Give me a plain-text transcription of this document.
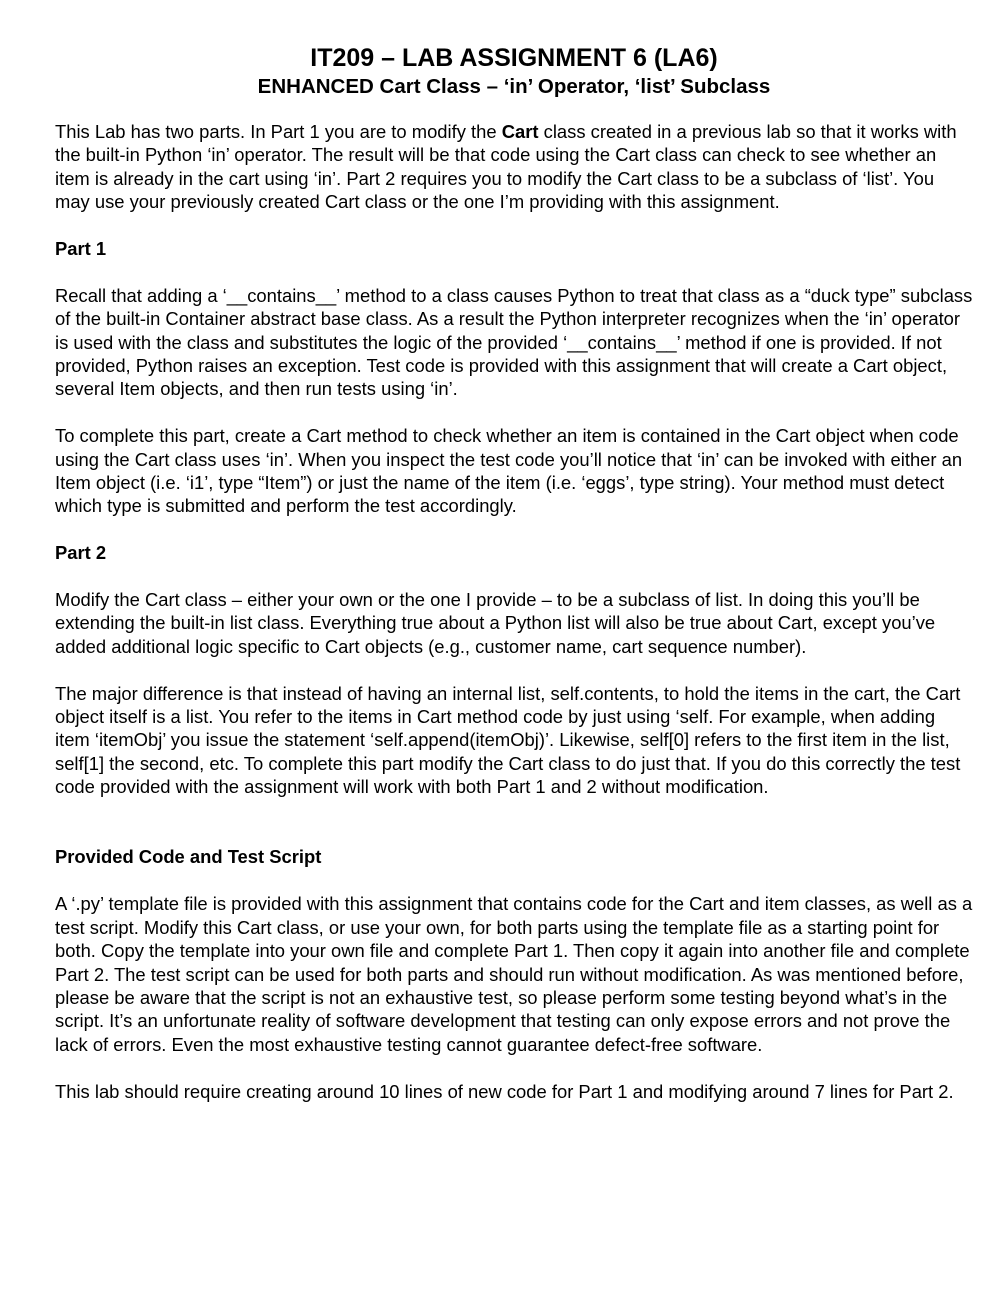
IT209 – LAB ASSIGNMENT 6 (LA6)
ENHANCED Cart Class – ‘in’ Operator, ‘list’ Subclass

This Lab has two parts. In Part 1 you are to modify the Cart class created in a previous lab so that it works with the built-in Python ‘in’ operator. The result will be that code using the Cart class can check to see whether an item is already in the cart using ‘in’. Part 2 requires you to modify the Cart class to be a subclass of ‘list’. You may use your previously created Cart class or the one I’m providing with this assignment.

Part 1

Recall that adding a ‘__contains__’ method to a class causes Python to treat that class as a “duck type” subclass of the built-in Container abstract base class. As a result the Python interpreter recognizes when the ‘in’ operator is used with the class and substitutes the logic of the provided ‘__contains__’ method if one is provided. If not provided, Python raises an exception. Test code is provided with this assignment that will create a Cart object, several Item objects, and then run tests using ‘in’.

To complete this part, create a Cart method to check whether an item is contained in the Cart object when code using the Cart class uses ‘in’. When you inspect the test code you’ll notice that ‘in’ can be invoked with either an Item object (i.e. ‘i1’, type “Item”) or just the name of the item (i.e. ‘eggs’, type string). Your method must detect which type is submitted and perform the test accordingly.

Part 2

Modify the Cart class – either your own or the one I provide – to be a subclass of list. In doing this you’ll be extending the built-in list class. Everything true about a Python list will also be true about Cart, except you’ve added additional logic specific to Cart objects (e.g., customer name, cart sequence number).

The major difference is that instead of having an internal list, self.contents, to hold the items in the cart, the Cart object itself is a list. You refer to the items in Cart method code by just using ‘self. For example, when adding item ‘itemObj’ you issue the statement ‘self.append(itemObj)’. Likewise, self[0] refers to the first item in the list, self[1] the second, etc. To complete this part modify the Cart class to do just that. If you do this correctly the test code provided with the assignment will work with both Part 1 and 2 without modification.

Provided Code and Test Script

A ‘.py’ template file is provided with this assignment that contains code for the Cart and item classes, as well as a test script. Modify this Cart class, or use your own, for both parts using the template file as a starting point for both. Copy the template into your own file and complete Part 1. Then copy it again into another file and complete Part 2. The test script can be used for both parts and should run without modification. As was mentioned before, please be aware that the script is not an exhaustive test, so please perform some testing beyond what’s in the script. It’s an unfortunate reality of software development that testing can only expose errors and not prove the lack of errors. Even the most exhaustive testing cannot guarantee defect-free software.

This lab should require creating around 10 lines of new code for Part 1 and modifying around 7 lines for Part 2.
